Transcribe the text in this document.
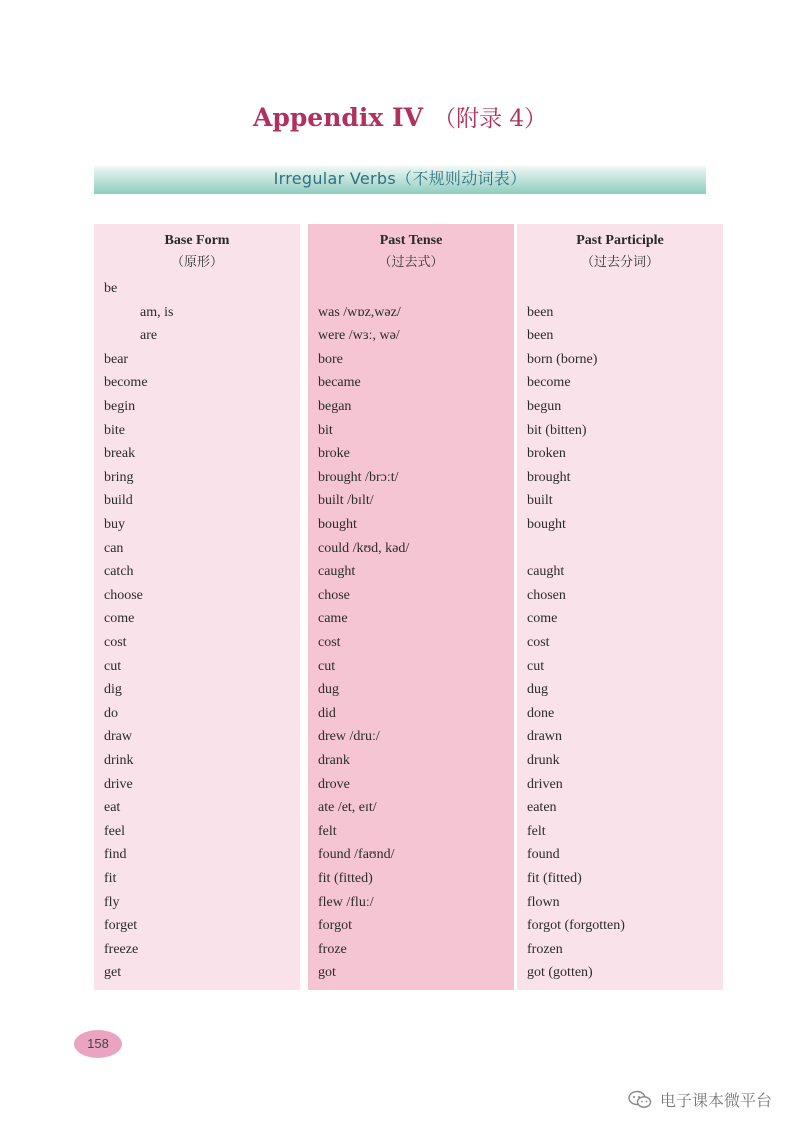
Appendix IV （附录 4）
Irregular Verbs（不规则动词表）
Base Form
（原形）
be
am, is
are
bear
become
begin
bite
break
bring
build
buy
can
catch
choose
come
cost
cut
dig
do
draw
drink
drive
eat
feel
find
fit
fly
forget
freeze
get
Past Tense
（过去式）
was /wɒz,wəz/
were /wɜː, wə/
bore
became
began
bit
broke
brought /brɔːt/
built /bɪlt/
bought
could /kʊd, kəd/
caught
chose
came
cost
cut
dug
did
drew /druː/
drank
drove
ate /et, eɪt/
felt
found /faʊnd/
fit (fitted)
flew /fluː/
forgot
froze
got
Past Participle
（过去分词）
been
been
born (borne)
become
begun
bit (bitten)
broken
brought
built
bought
caught
chosen
come
cost
cut
dug
done
drawn
drunk
driven
eaten
felt
found
fit (fitted)
flown
forgot (forgotten)
frozen
got (gotten)
158
电子课本微平台
